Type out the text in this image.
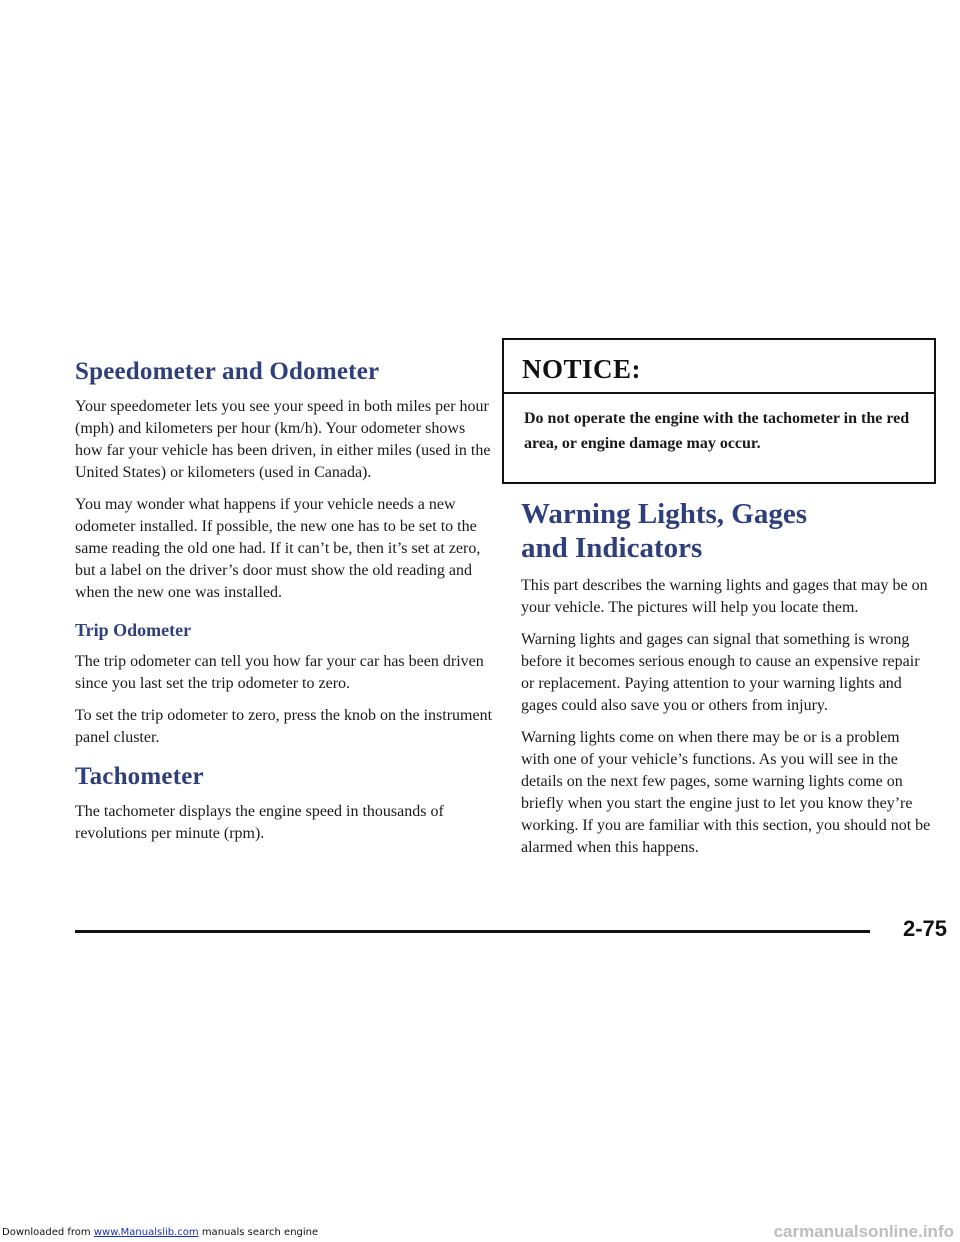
Speedometer and Odometer

Your speedometer lets you see your speed in both miles per hour (mph) and kilometers per hour (km/h). Your odometer shows how far your vehicle has been driven, in either miles (used in the United States) or kilometers (used in Canada).

You may wonder what happens if your vehicle needs a new odometer installed. If possible, the new one has to be set to the same reading the old one had. If it can’t be, then it’s set at zero, but a label on the driver’s door must show the old reading and when the new one was installed.

Trip Odometer

The trip odometer can tell you how far your car has been driven since you last set the trip odometer to zero.

To set the trip odometer to zero, press the knob on the instrument panel cluster.

Tachometer

The tachometer displays the engine speed in thousands of revolutions per minute (rpm).

NOTICE:
Do not operate the engine with the tachometer in the red area, or engine damage may occur.
Warning Lights, Gages
and Indicators

This part describes the warning lights and gages that may be on your vehicle. The pictures will help you locate them.

Warning lights and gages can signal that something is wrong before it becomes serious enough to cause an expensive repair or replacement. Paying attention to your warning lights and gages could also save you or others from injury.

Warning lights come on when there may be or is a problem with one of your vehicle’s functions. As you will see in the details on the next few pages, some warning lights come on briefly when you start the engine just to let you know they’re working. If you are familiar with this section, you should not be alarmed when this happens.

2-75
Downloaded from www.Manualslib.com manuals search engine	carmanualsonline.info
